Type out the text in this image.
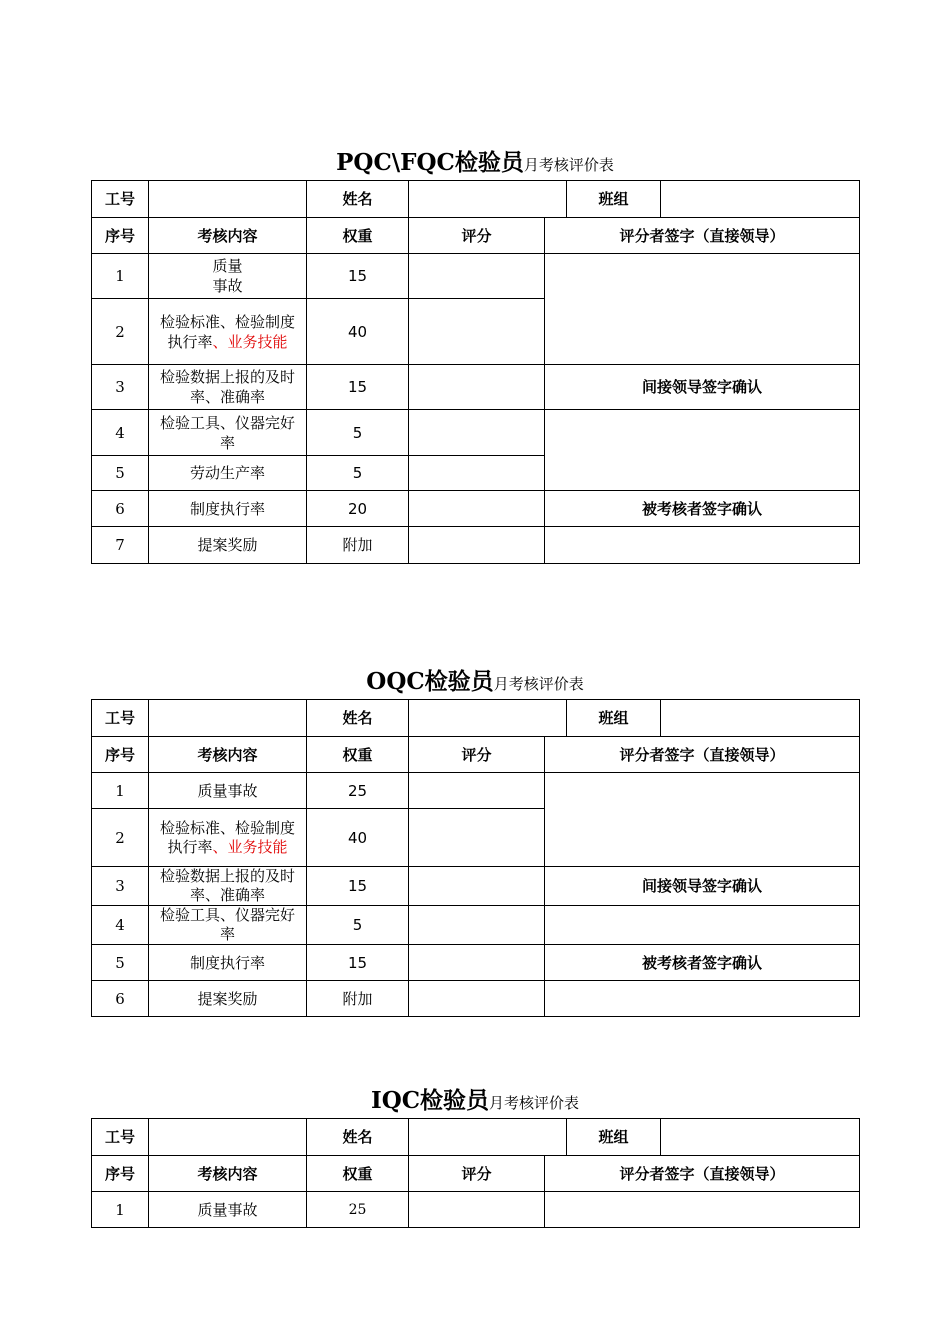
PQC\FQC检验员月考核评价表
工号		姓名			班组	
序号	考核内容	权重	评分	评分者签字（直接领导）		
1	质量
事故	15				
2	检验标准、检验制度执行率、业务技能	40				
3	检验数据上报的及时率、准确率	15		间接领导签字确认		
4	检验工具、仪器完好率	5				
5	劳动生产率	5				
6	制度执行率	20		被考核者签字确认		
7	提案奖励	附加				
OQC检验员月考核评价表
工号		姓名			班组	
序号	考核内容	权重	评分	评分者签字（直接领导）		
1	质量事故	25				
2	检验标准、检验制度执行率、业务技能	40				
3	检验数据上报的及时率、准确率	15		间接领导签字确认		
4	检验工具、仪器完好率	5				
5	制度执行率	15		被考核者签字确认		
6	提案奖励	附加				
IQC检验员月考核评价表
工号		姓名			班组	
序号	考核内容	权重	评分	评分者签字（直接领导）		
1	质量事故	25				
